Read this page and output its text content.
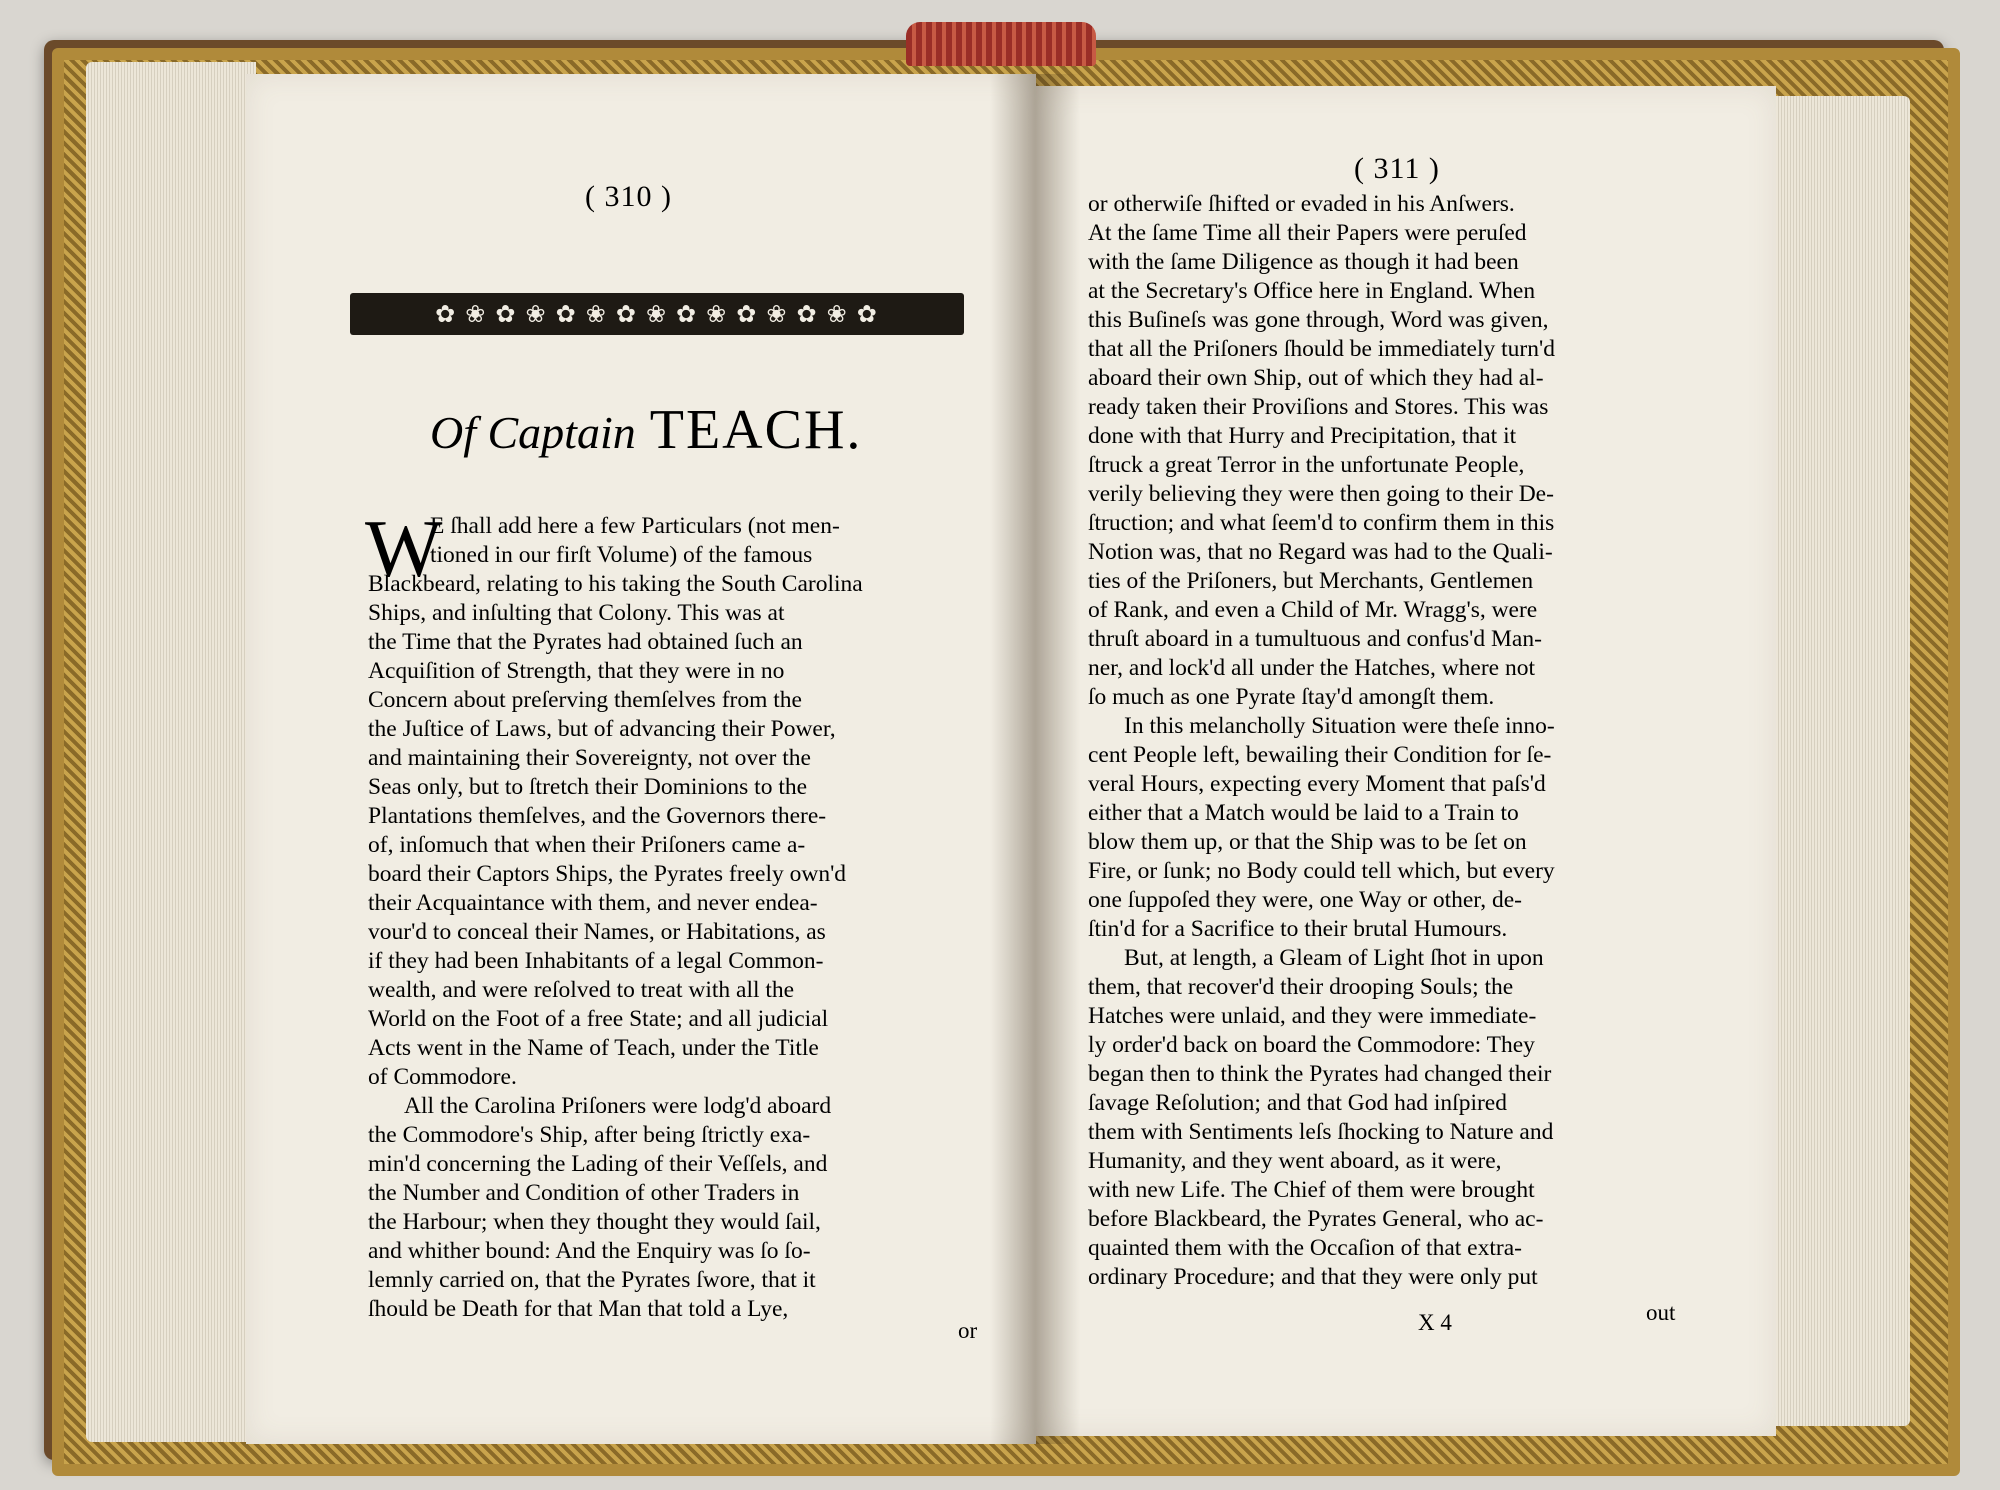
( 310 )
✿ ❀ ✿ ❀ ✿ ❀ ✿ ❀ ✿ ❀ ✿ ❀ ✿ ❀ ✿
Of Captain TEACH.
W
E ſhall add here a few Particulars (not men-
tioned in our firſt Volume) of the famous
Blackbeard, relating to his taking the South Carolina
Ships, and inſulting that Colony. This was at
the Time that the Pyrates had obtained ſuch an
Acquiſition of Strength, that they were in no
Concern about preſerving themſelves from the
the Juſtice of Laws, but of advancing their Power,
and maintaining their Sovereignty, not over the
Seas only, but to ſtretch their Dominions to the
Plantations themſelves, and the Governors there-
of, inſomuch that when their Priſoners came a-
board their Captors Ships, the Pyrates freely own'd
their Acquaintance with them, and never endea-
vour'd to conceal their Names, or Habitations, as
if they had been Inhabitants of a legal Common-
wealth, and were reſolved to treat with all the
World on the Foot of a free State; and all judicial
Acts went in the Name of Teach, under the Title
of Commodore.
All the Carolina Priſoners were lodg'd aboard
the Commodore's Ship, after being ſtrictly exa-
min'd concerning the Lading of their Veſſels, and
the Number and Condition of other Traders in
the Harbour; when they thought they would ſail,
and whither bound: And the Enquiry was ſo ſo-
lemnly carried on, that the Pyrates ſwore, that it
ſhould be Death for that Man that told a Lye,
or
( 311 )
or otherwiſe ſhifted or evaded in his Anſwers.
At the ſame Time all their Papers were peruſed
with the ſame Diligence as though it had been
at the Secretary's Office here in England. When
this Buſineſs was gone through, Word was given,
that all the Priſoners ſhould be immediately turn'd
aboard their own Ship, out of which they had al-
ready taken their Proviſions and Stores. This was
done with that Hurry and Precipitation, that it
ſtruck a great Terror in the unfortunate People,
verily believing they were then going to their De-
ſtruction; and what ſeem'd to confirm them in this
Notion was, that no Regard was had to the Quali-
ties of the Priſoners, but Merchants, Gentlemen
of Rank, and even a Child of Mr. Wragg's, were
thruſt aboard in a tumultuous and confus'd Man-
ner, and lock'd all under the Hatches, where not
ſo much as one Pyrate ſtay'd amongſt them.
In this melancholly Situation were theſe inno-
cent People left, bewailing their Condition for ſe-
veral Hours, expecting every Moment that paſs'd
either that a Match would be laid to a Train to
blow them up, or that the Ship was to be ſet on
Fire, or ſunk; no Body could tell which, but every
one ſuppoſed they were, one Way or other, de-
ſtin'd for a Sacrifice to their brutal Humours.
But, at length, a Gleam of Light ſhot in upon
them, that recover'd their drooping Souls; the
Hatches were unlaid, and they were immediate-
ly order'd back on board the Commodore: They
began then to think the Pyrates had changed their
ſavage Reſolution; and that God had inſpired
them with Sentiments leſs ſhocking to Nature and
Humanity, and they went aboard, as it were,
with new Life. The Chief of them were brought
before Blackbeard, the Pyrates General, who ac-
quainted them with the Occaſion of that extra-
ordinary Procedure; and that they were only put
X 4	out
